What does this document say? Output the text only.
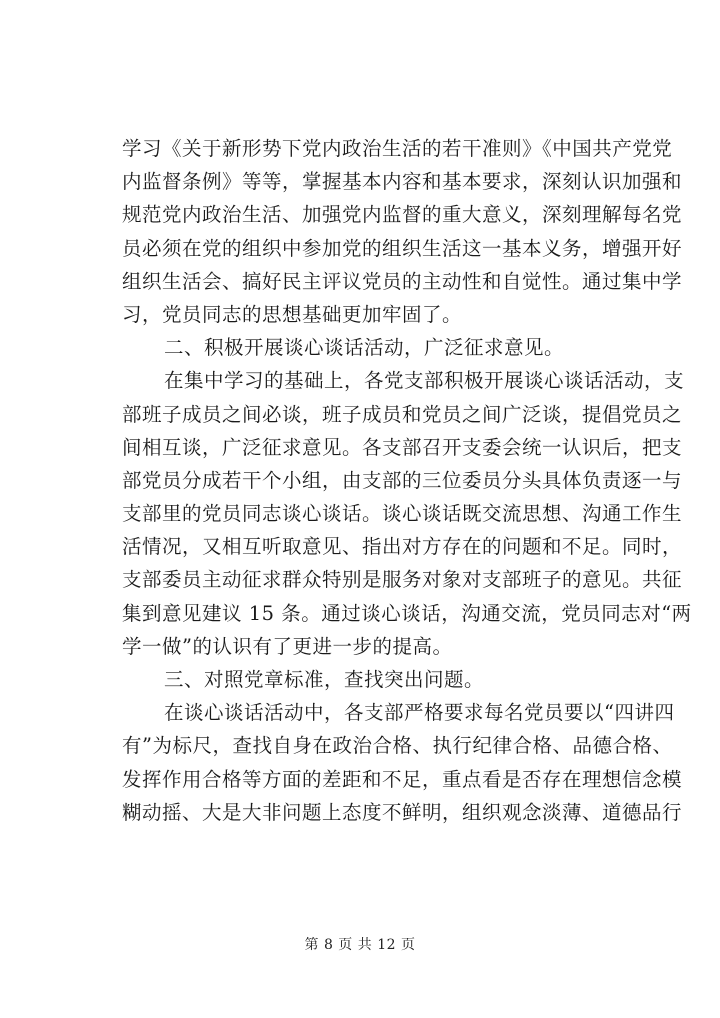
学习《关于新形势下党内政治生活的若干准则》《中国共产党党
内监督条例》等等，掌握基本内容和基本要求，深刻认识加强和
规范党内政治生活、加强党内监督的重大意义，深刻理解每名党
员必须在党的组织中参加党的组织生活这一基本义务，增强开好
组织生活会、搞好民主评议党员的主动性和自觉性。通过集中学
习，党员同志的思想基础更加牢固了。
二、积极开展谈心谈话活动，广泛征求意见。
在集中学习的基础上，各党支部积极开展谈心谈话活动，支
部班子成员之间必谈，班子成员和党员之间广泛谈，提倡党员之
间相互谈，广泛征求意见。各支部召开支委会统一认识后，把支
部党员分成若干个小组，由支部的三位委员分头具体负责逐一与
支部里的党员同志谈心谈话。谈心谈话既交流思想、沟通工作生
活情况，又相互听取意见、指出对方存在的问题和不足。同时，
支部委员主动征求群众特别是服务对象对支部班子的意见。共征
集到意见建议 15 条。通过谈心谈话，沟通交流，党员同志对“两
学一做”的认识有了更进一步的提高。
三、对照党章标准，查找突出问题。
在谈心谈话活动中，各支部严格要求每名党员要以“四讲四
有”为标尺，查找自身在政治合格、执行纪律合格、品德合格、
发挥作用合格等方面的差距和不足，重点看是否存在理想信念模
糊动摇、大是大非问题上态度不鲜明，组织观念淡薄、道德品行
第 8 页 共 12 页
